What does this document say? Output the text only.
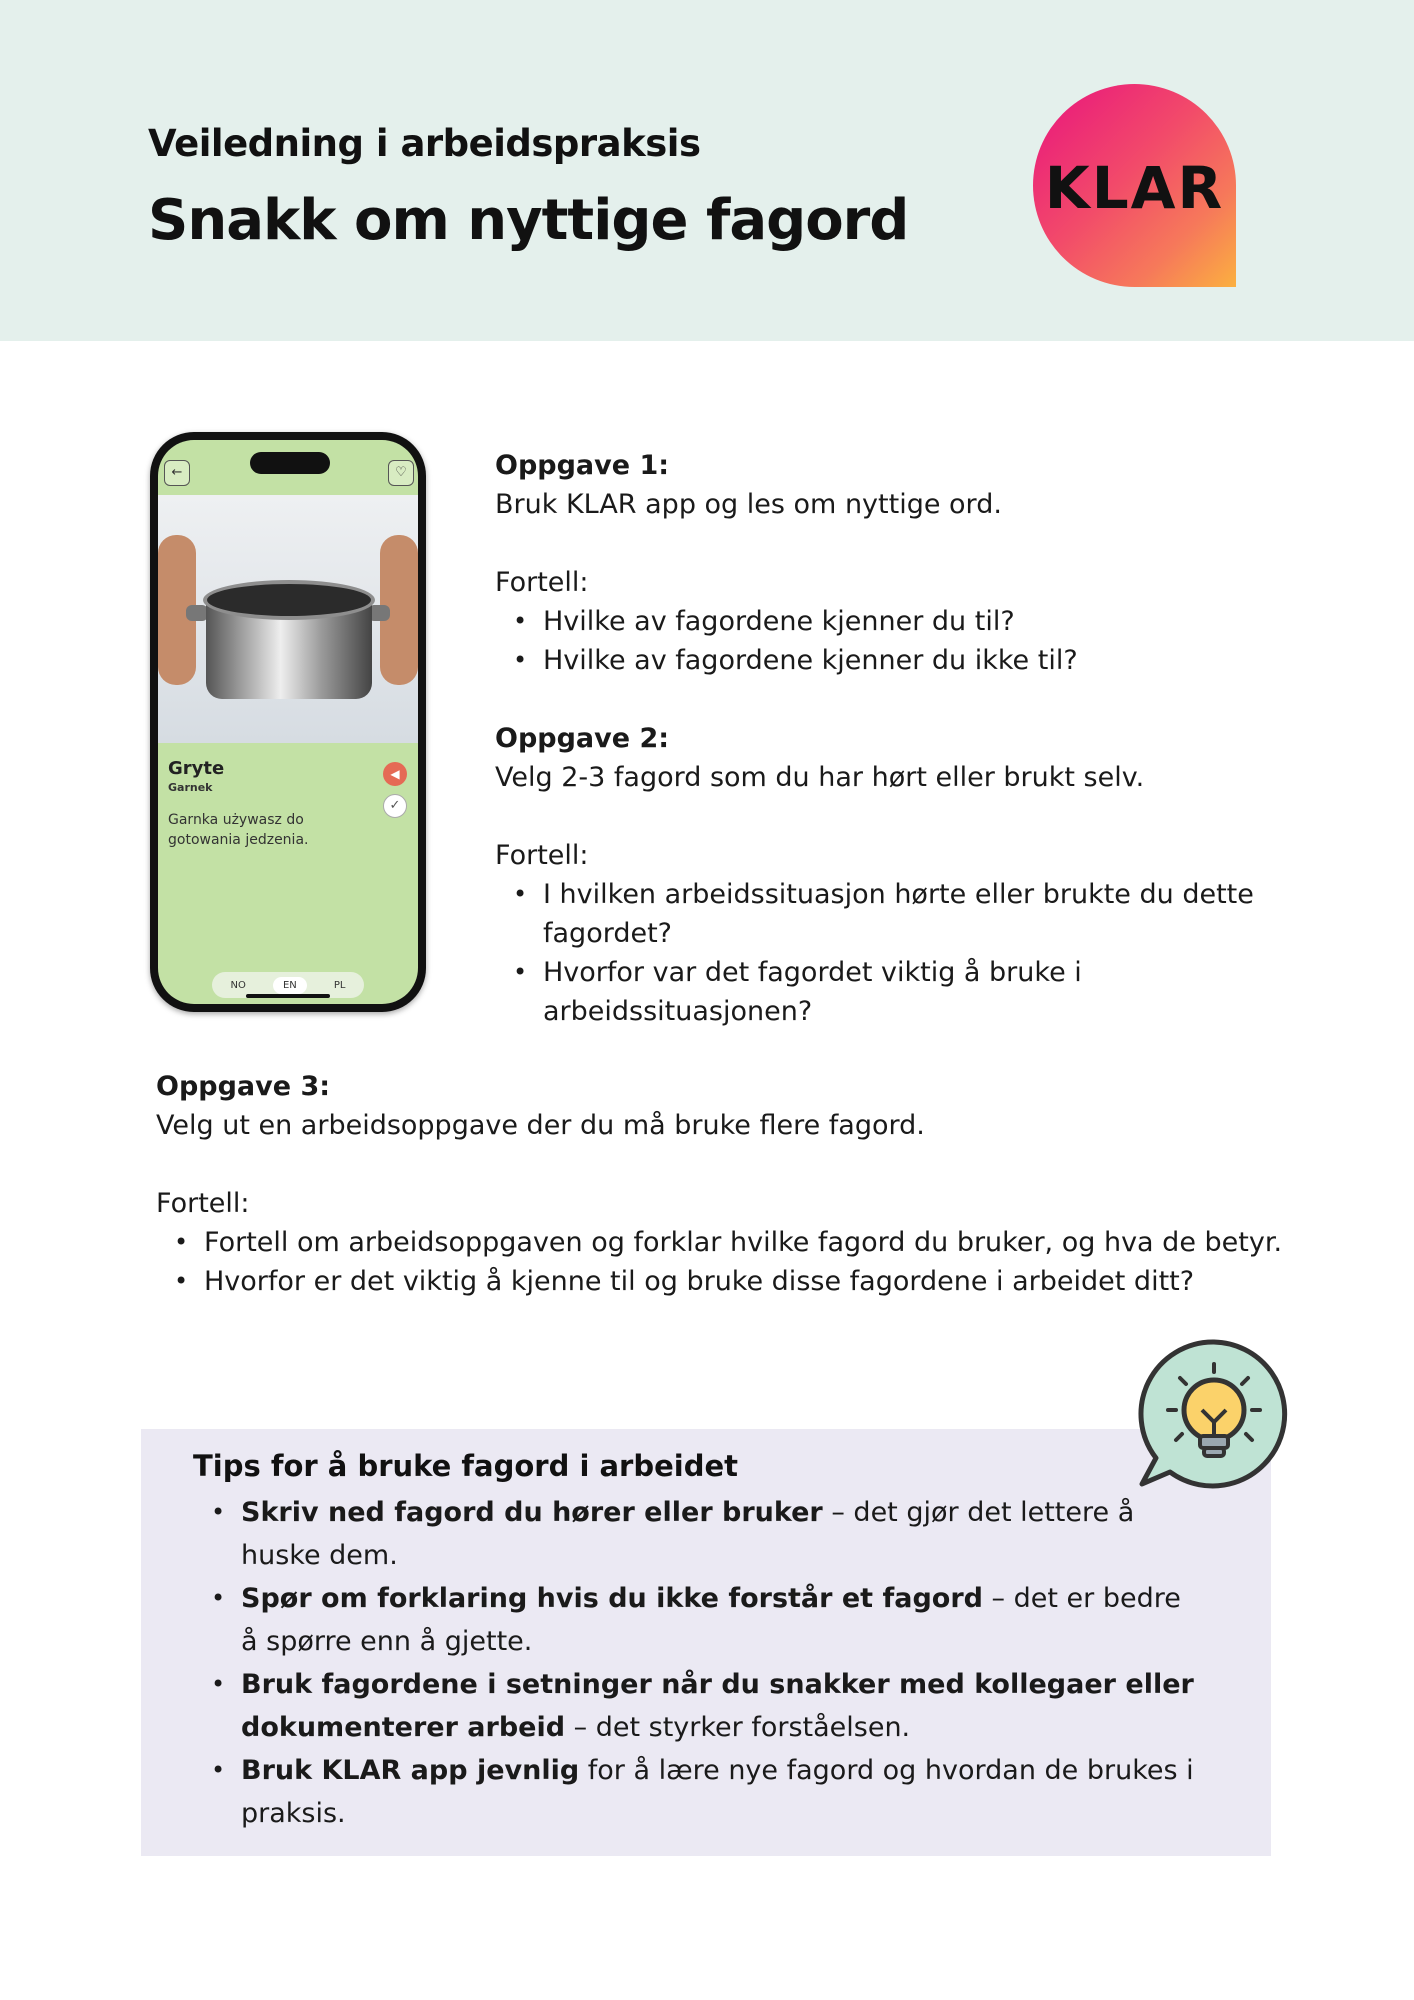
Veiledning i arbeidspraksis
Snakk om nyttige fagord KLAR
←	♡
Gryte
Garnek
Garnka używasz do gotowania jedzenia.
◀
✓
NO	EN	PL
Oppgave 1:
Bruk KLAR app og les om nyttige ord.
Fortell:
• Hvilke av fagordene kjenner du til?
• Hvilke av fagordene kjenner du ikke til?
Oppgave 2:
Velg 2-3 fagord som du har hørt eller brukt selv.
Fortell:
• I hvilken arbeidssituasjon hørte eller brukte du dette fagordet?
• Hvorfor var det fagordet viktig å bruke i arbeidssituasjonen?
Oppgave 3:
Velg ut en arbeidsoppgave der du må bruke flere fagord.
Fortell:
• Fortell om arbeidsoppgaven og forklar hvilke fagord du bruker, og hva de betyr.
• Hvorfor er det viktig å kjenne til og bruke disse fagordene i arbeidet ditt?
Tips for å bruke fagord i arbeidet
• Skriv ned fagord du hører eller bruker – det gjør det lettere å huske dem.
• Spør om forklaring hvis du ikke forstår et fagord – det er bedre å spørre enn å gjette.
• Bruk fagordene i setninger når du snakker med kollegaer eller dokumenterer arbeid – det styrker forståelsen.
• Bruk KLAR app jevnlig for å lære nye fagord og hvordan de brukes i praksis.
